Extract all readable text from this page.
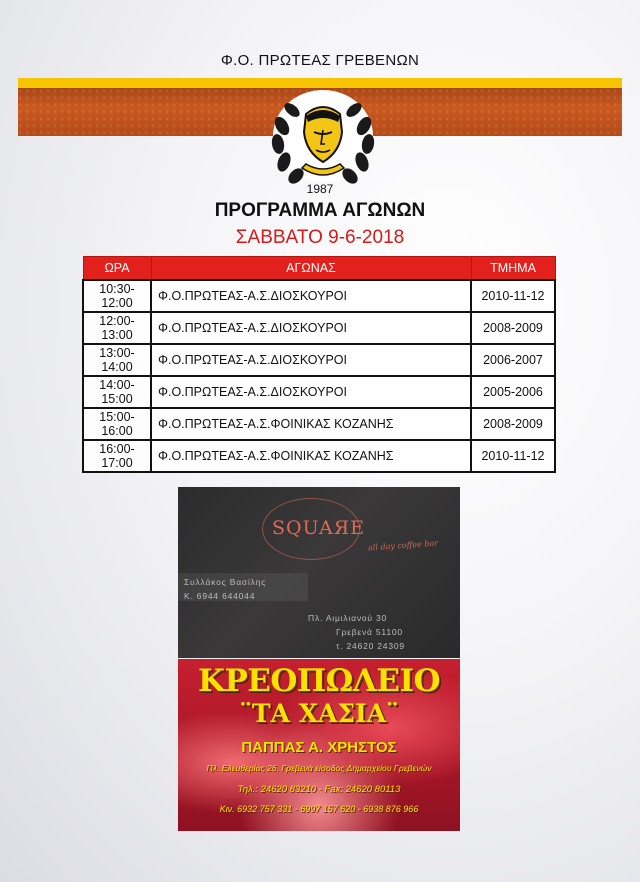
Φ.Ο. ΠΡΩΤΕΑΣ ΓΡΕΒΕΝΩΝ
1987
ΠΡΟΓΡΑΜΜΑ ΑΓΩΝΩΝ
ΣΑΒΒΑΤΟ 9-6-2018
ΩΡΑ	ΑΓΩΝΑΣ	ΤΜΗΜΑ
10:30-12:00	Φ.Ο.ΠΡΩΤΕΑΣ-Α.Σ.ΔΙΟΣΚΟΥΡΟΙ	2010-11-12
12:00-13:00	Φ.Ο.ΠΡΩΤΕΑΣ-Α.Σ.ΔΙΟΣΚΟΥΡΟΙ	2008-2009
13:00-14:00	Φ.Ο.ΠΡΩΤΕΑΣ-Α.Σ.ΔΙΟΣΚΟΥΡΟΙ	2006-2007
14:00-15:00	Φ.Ο.ΠΡΩΤΕΑΣ-Α.Σ.ΔΙΟΣΚΟΥΡΟΙ	2005-2006
15:00-16:00	Φ.Ο.ΠΡΩΤΕΑΣ-Α.Σ.ΦΟΙΝΙΚΑΣ ΚΟΖΑΝΗΣ	2008-2009
16:00-17:00	Φ.Ο.ΠΡΩΤΕΑΣ-Α.Σ.ΦΟΙΝΙΚΑΣ ΚΟΖΑΝΗΣ	2010-11-12
SQUAЯE
all day coffee bar
Συλλάκος Βασίλης
Κ. 6944 644044
Πλ. Αιμιλιανού 30
Γρεβενά 51100
τ. 24620 24309
ΚΡΕΟΠΩΛΕΙΟ
¨ΤΑ ΧΑΣΙΑ¨
ΠΑΠΠΑΣ Α. ΧΡΗΣΤΟΣ
Πλ. Ελευθερίας 26, Γρεβενά είσοδος Δημαρχείου Γρεβενών
Τηλ.: 24620 83210 - Fax: 24620 80113
Κιν. 6932 757 331 - 6997 157 620 - 6938 876 966
